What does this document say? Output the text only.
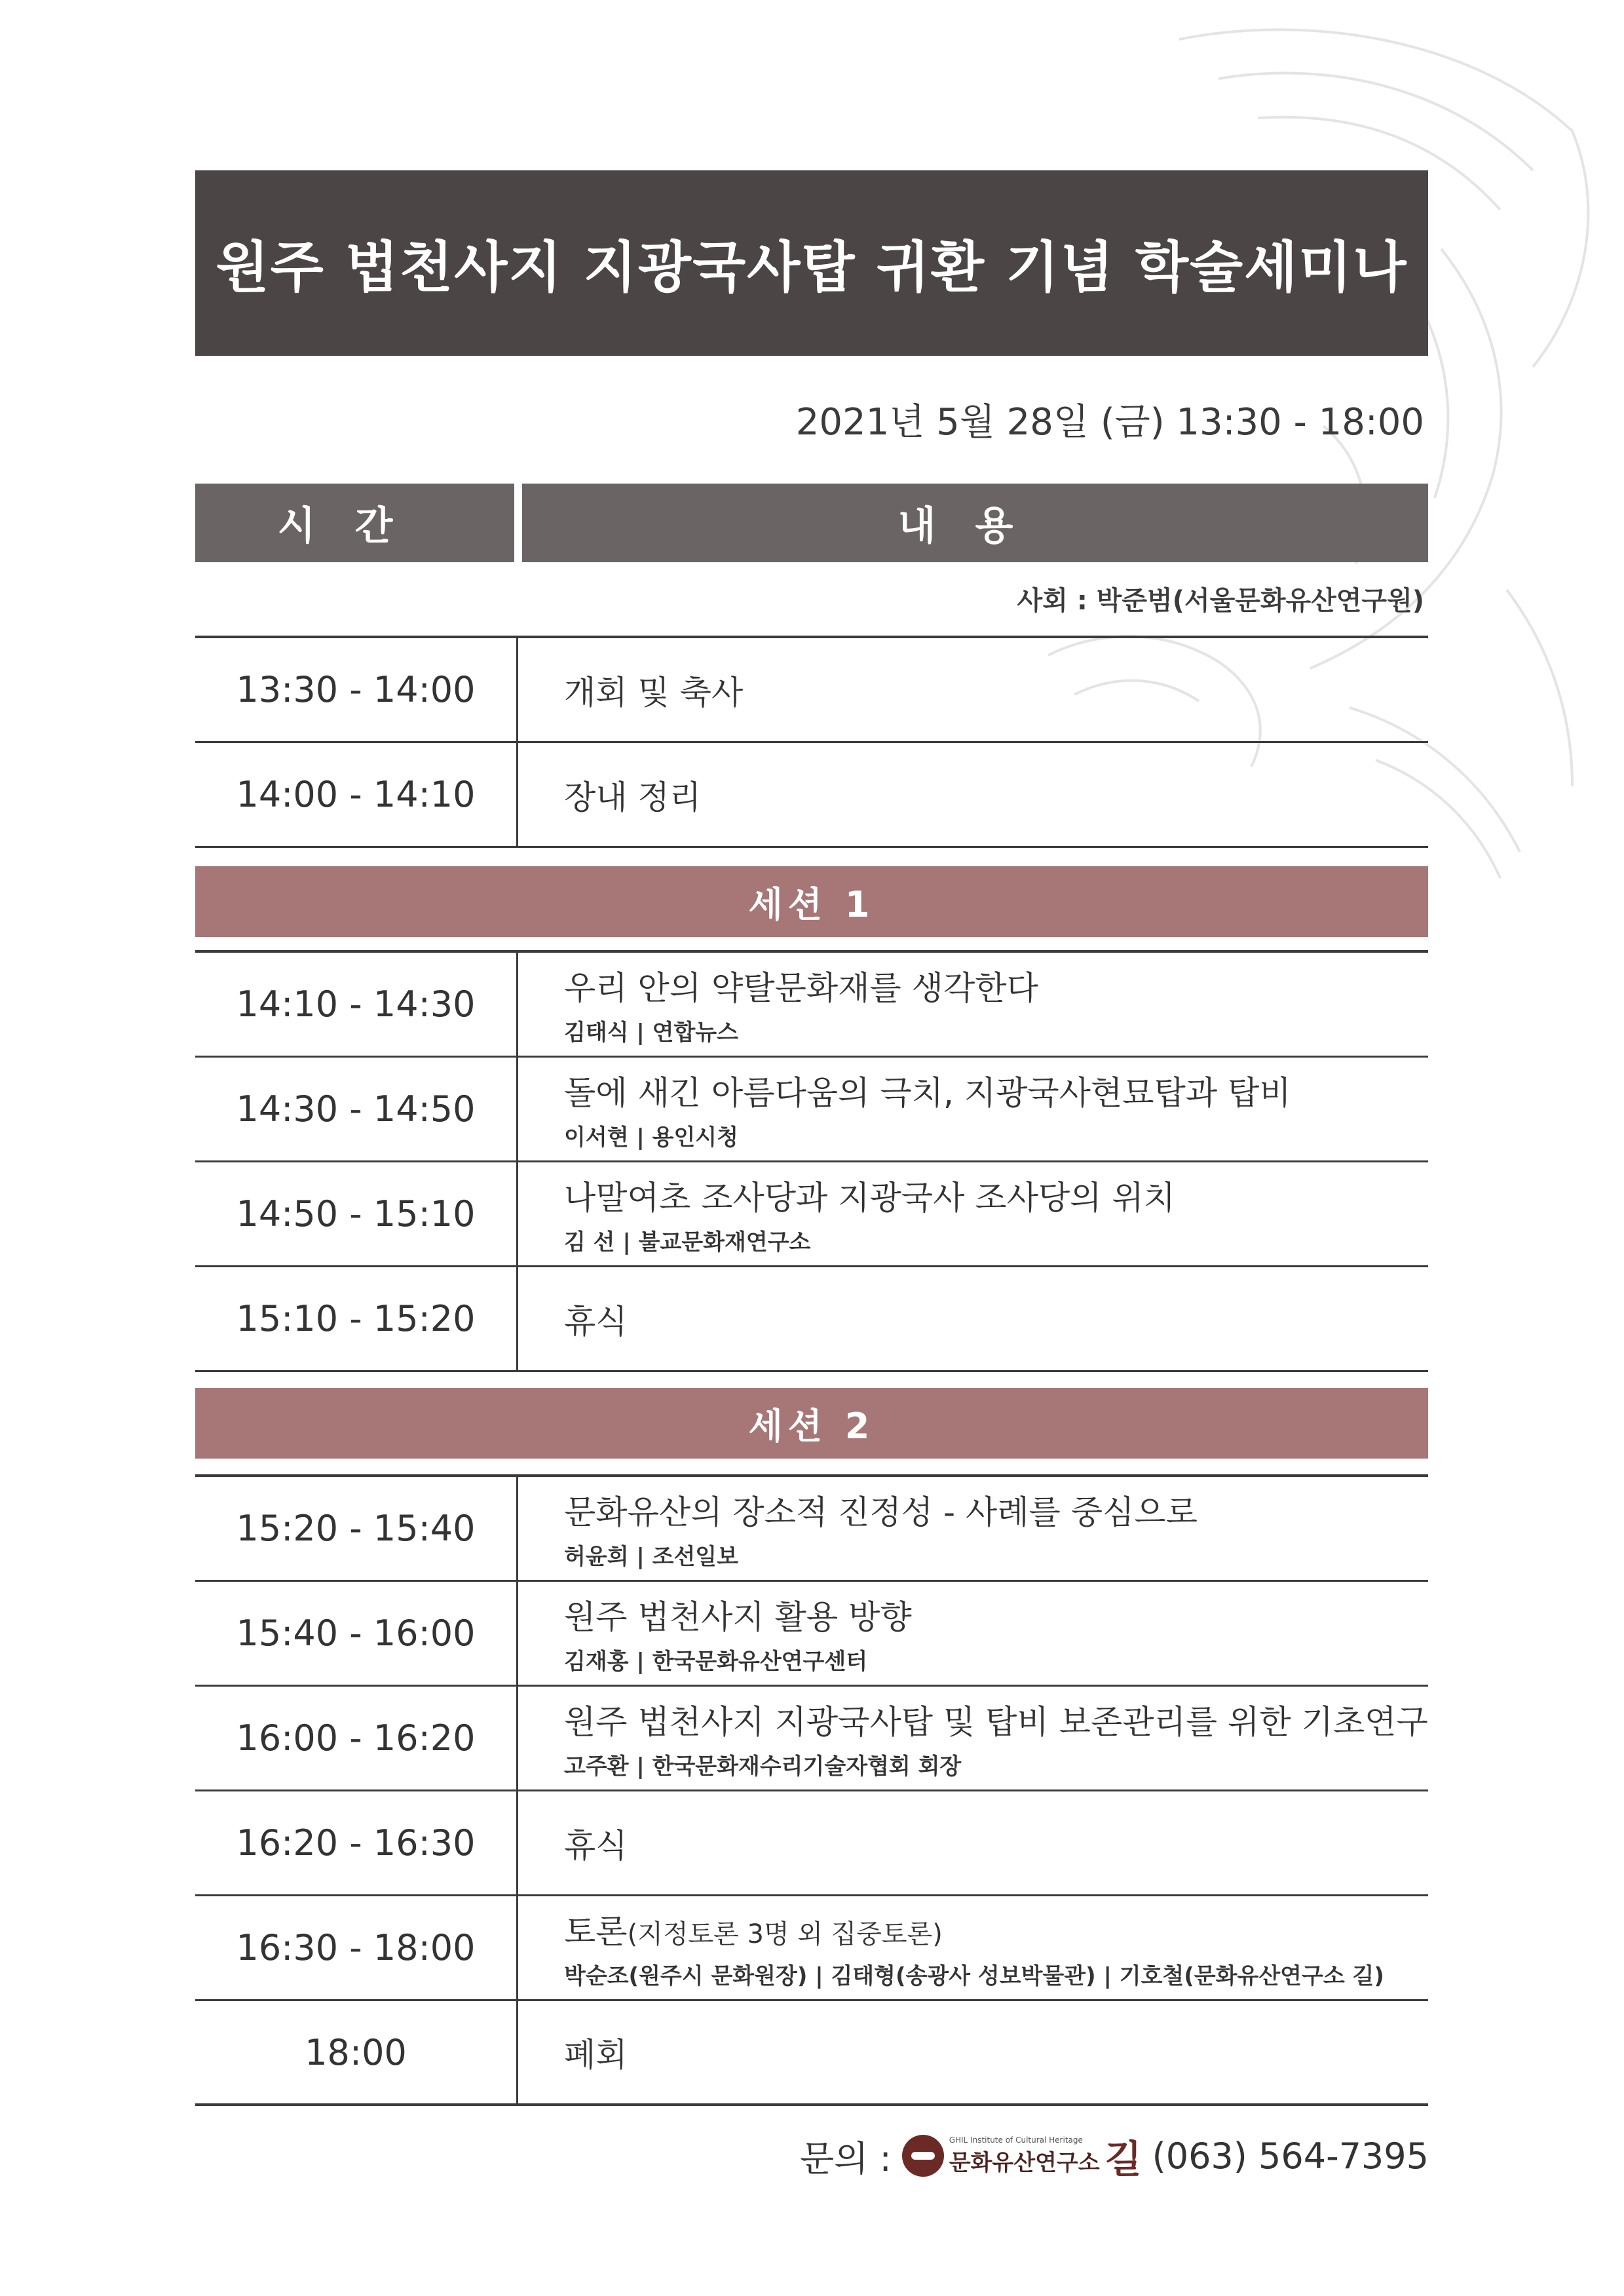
원주 법천사지 지광국사탑 귀환 기념 학술세미나
2021년 5월 28일 (금) 13:30 - 18:00
시간	내용
사회 : 박준범(서울문화유산연구원)
13:30 - 14:00	개회 및 축사
14:00 - 14:10	장내 정리
세션 1
14:10 - 14:30	우리 안의 약탈문화재를 생각한다
김태식 | 연합뉴스
14:30 - 14:50	돌에 새긴 아름다움의 극치, 지광국사현묘탑과 탑비
이서현 | 용인시청
14:50 - 15:10	나말여초 조사당과 지광국사 조사당의 위치
김 선 | 불교문화재연구소
15:10 - 15:20	휴식
세션 2
15:20 - 15:40	문화유산의 장소적 진정성 - 사례를 중심으로
허윤희 | 조선일보
15:40 - 16:00	원주 법천사지 활용 방향
김재홍 | 한국문화유산연구센터
16:00 - 16:20	원주 법천사지 지광국사탑 및 탑비 보존관리를 위한 기초연구
고주환 | 한국문화재수리기술자협회 회장
16:20 - 16:30	휴식
16:30 - 18:00	토론(지정토론 3명 외 집중토론)
박순조(원주시 문화원장) | 김태형(송광사 성보박물관) | 기호철(문화유산연구소 길)
18:00	폐회
문의 :	GHIL Institute of Cultural Heritage
문화유산연구소 길 (063) 564-7395
